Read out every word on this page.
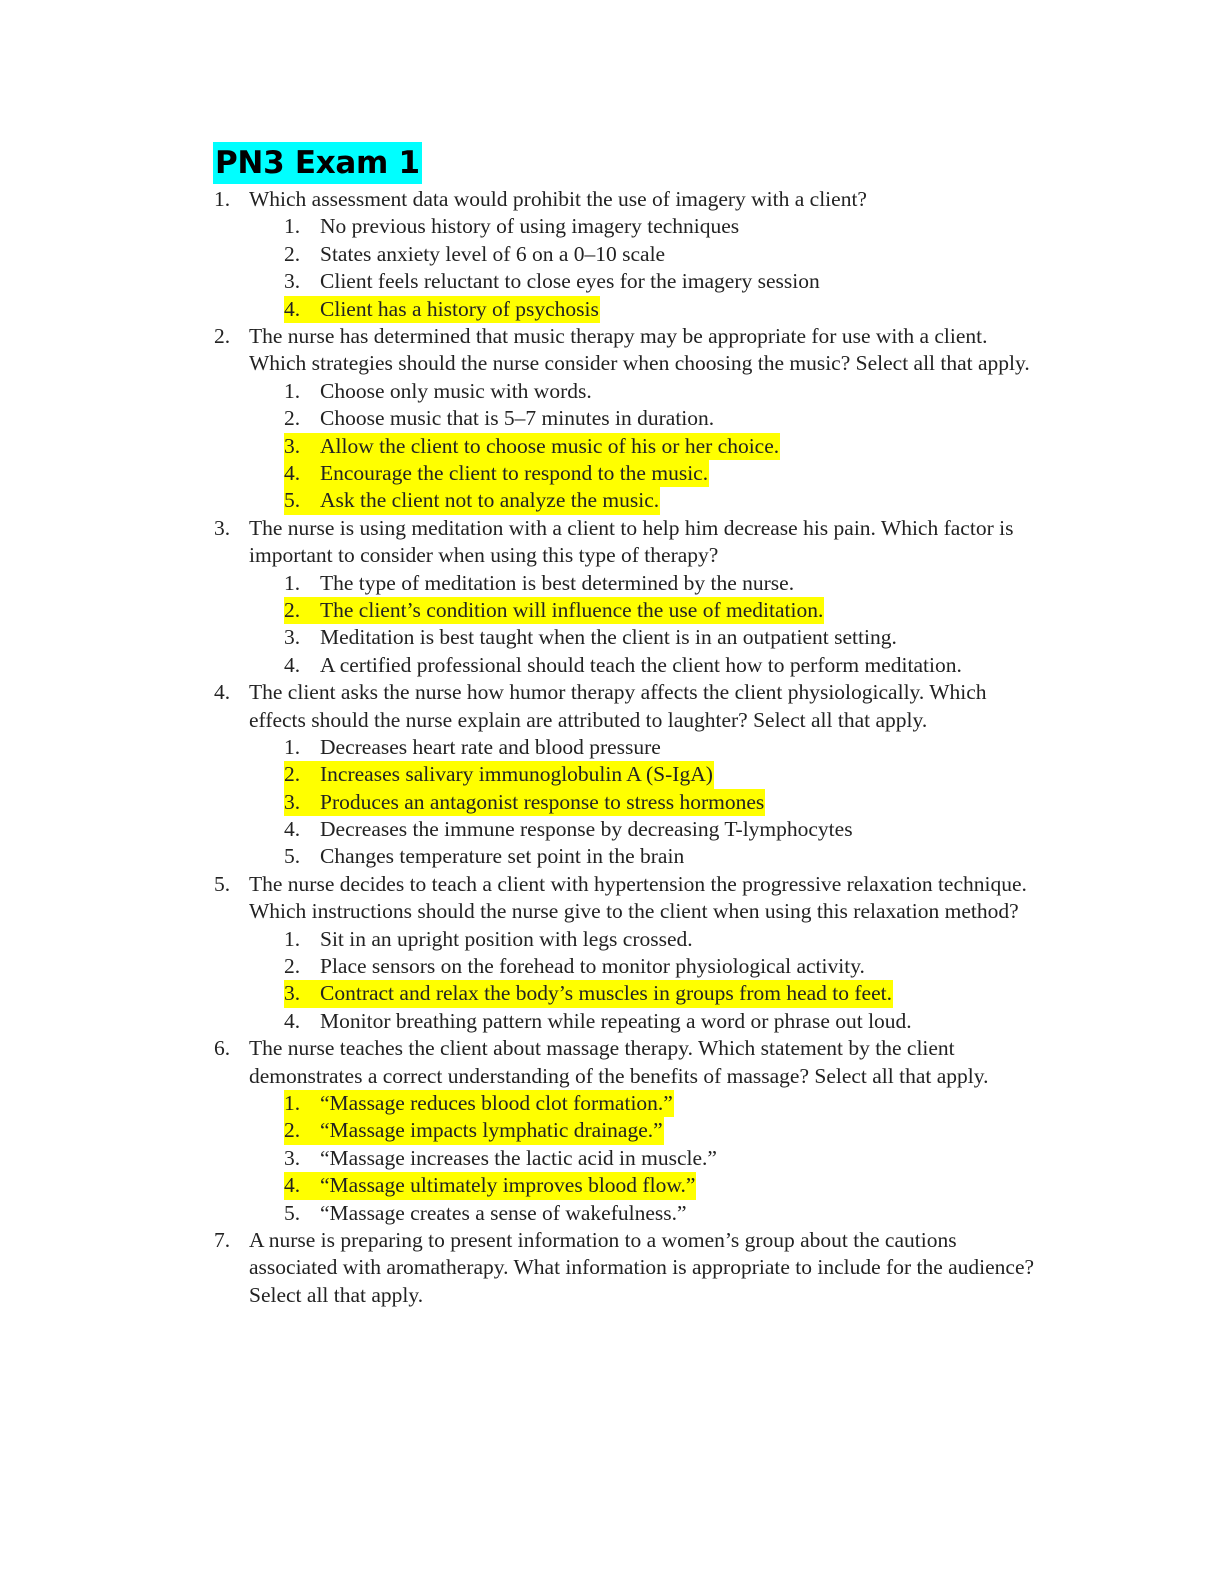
PN3 Exam 1
1. Which assessment data would prohibit the use of imagery with a client?
1. No previous history of using imagery techniques
2. States anxiety level of 6 on a 0–10 scale
3. Client feels reluctant to close eyes for the imagery session
4. Client has a history of psychosis
2. The nurse has determined that music therapy may be appropriate for use with a client. Which strategies should the nurse consider when choosing the music? Select all that apply.
1. Choose only music with words.
2. Choose music that is 5–7 minutes in duration.
3. Allow the client to choose music of his or her choice.
4. Encourage the client to respond to the music.
5. Ask the client not to analyze the music.
3. The nurse is using meditation with a client to help him decrease his pain. Which factor is important to consider when using this type of therapy?
1. The type of meditation is best determined by the nurse.
2. The client’s condition will influence the use of meditation.
3. Meditation is best taught when the client is in an outpatient setting.
4. A certified professional should teach the client how to perform meditation.
4. The client asks the nurse how humor therapy affects the client physiologically. Which effects should the nurse explain are attributed to laughter? Select all that apply.
1. Decreases heart rate and blood pressure
2. Increases salivary immunoglobulin A (S-IgA)
3. Produces an antagonist response to stress hormones
4. Decreases the immune response by decreasing T-lymphocytes
5. Changes temperature set point in the brain
5. The nurse decides to teach a client with hypertension the progressive relaxation technique. Which instructions should the nurse give to the client when using this relaxation method?
1. Sit in an upright position with legs crossed.
2. Place sensors on the forehead to monitor physiological activity.
3. Contract and relax the body’s muscles in groups from head to feet.
4. Monitor breathing pattern while repeating a word or phrase out loud.
6. The nurse teaches the client about massage therapy. Which statement by the client demonstrates a correct understanding of the benefits of massage? Select all that apply.
1. “Massage reduces blood clot formation.”
2. “Massage impacts lymphatic drainage.”
3. “Massage increases the lactic acid in muscle.”
4. “Massage ultimately improves blood flow.”
5. “Massage creates a sense of wakefulness.”
7. A nurse is preparing to present information to a women’s group about the cautions associated with aromatherapy. What information is appropriate to include for the audience? Select all that apply.
